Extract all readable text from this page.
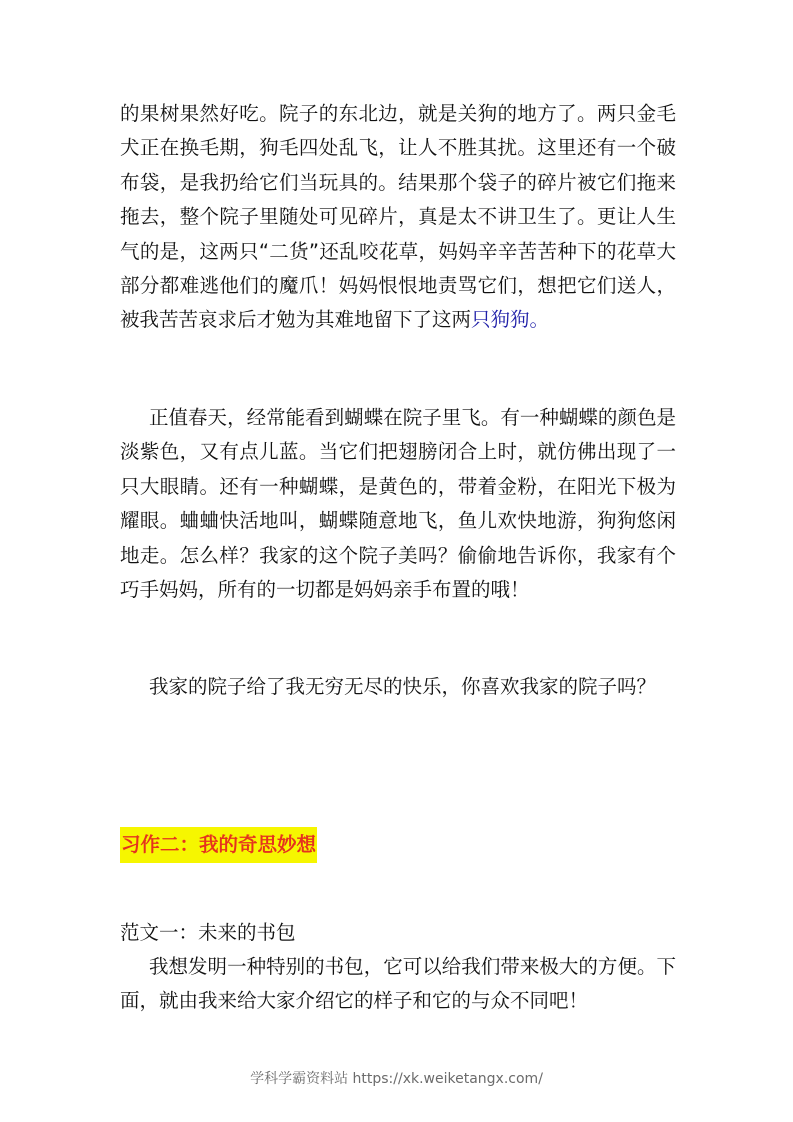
的果树果然好吃。院子的东北边，就是关狗的地方了。两只金毛犬正在换毛期，狗毛四处乱飞，让人不胜其扰。这里还有一个破布袋，是我扔给它们当玩具的。结果那个袋子的碎片被它们拖来拖去，整个院子里随处可见碎片，真是太不讲卫生了。更让人生气的是，这两只“二货”还乱咬花草，妈妈辛辛苦苦种下的花草大部分都难逃他们的魔爪！妈妈恨恨地责骂它们，想把它们送人，被我苦苦哀求后才勉为其难地留下了这两只狗狗。

正值春天，经常能看到蝴蝶在院子里飞。有一种蝴蝶的颜色是淡紫色，又有点儿蓝。当它们把翅膀闭合上时，就仿佛出现了一只大眼睛。还有一种蝴蝶，是黄色的，带着金粉，在阳光下极为耀眼。蛐蛐快活地叫，蝴蝶随意地飞，鱼儿欢快地游，狗狗悠闲地走。怎么样？我家的这个院子美吗？偷偷地告诉你，我家有个巧手妈妈，所有的一切都是妈妈亲手布置的哦！

我家的院子给了我无穷无尽的快乐，你喜欢我家的院子吗？

习作二：我的奇思妙想
范文一：未来的书包

我想发明一种特别的书包，它可以给我们带来极大的方便。下面，就由我来给大家介绍它的样子和它的与众不同吧！

学科学霸资料站 https://xk.weiketangx.com/
